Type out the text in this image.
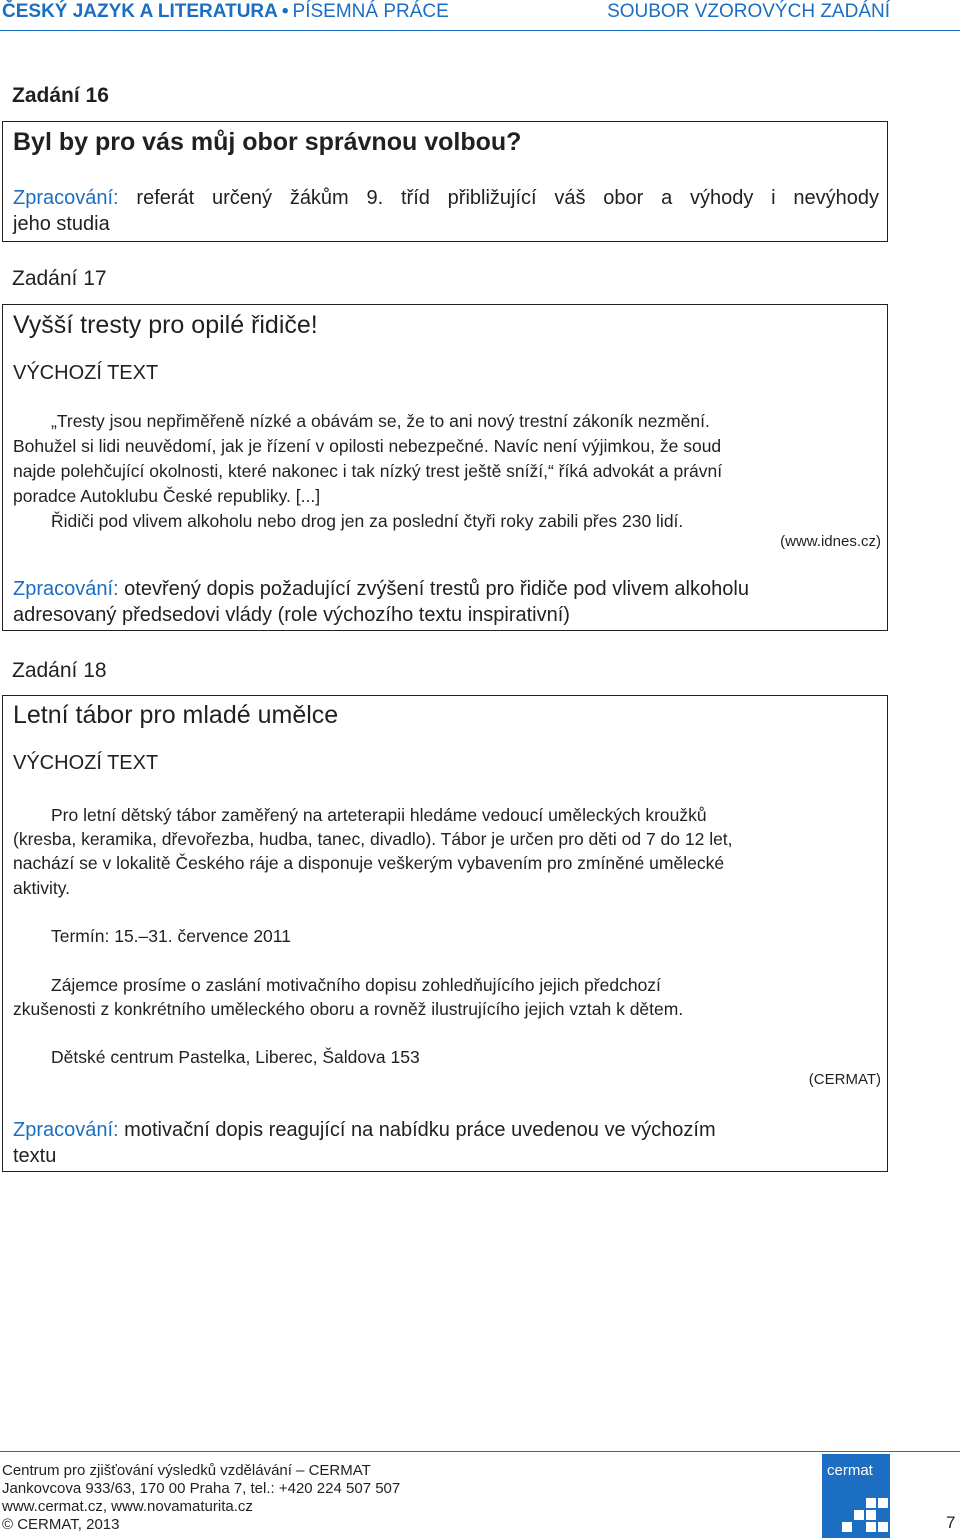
ČESKÝ JAZYK A LITERATURA • PÍSEMNÁ PRÁCE	SOUBOR VZOROVÝCH ZADÁNÍ
Zadání 16
Byl by pro vás můj obor správnou volbou?
Zpracování: referát určený žákům 9. tříd přibližující váš obor a výhody i nevýhody
jeho studia
Zadání 17
Vyšší tresty pro opilé řidiče!
VÝCHOZÍ TEXT
„Tresty jsou nepřiměřeně nízké a obávám se, že to ani nový trestní zákoník nezmění.
Bohužel si lidi neuvědomí, jak je řízení v opilosti nebezpečné. Navíc není výjimkou, že soud
najde polehčující okolnosti, které nakonec i tak nízký trest ještě sníží,“ říká advokát a právní
poradce Autoklubu České republiky. [...]
Řidiči pod vlivem alkoholu nebo drog jen za poslední čtyři roky zabili přes 230 lidí.
(www.idnes.cz)
Zpracování: otevřený dopis požadující zvýšení trestů pro řidiče pod vlivem alkoholu
adresovaný předsedovi vlády (role výchozího textu inspirativní)
Zadání 18
Letní tábor pro mladé umělce
VÝCHOZÍ TEXT
Pro letní dětský tábor zaměřený na arteterapii hledáme vedoucí uměleckých kroužků
(kresba, keramika, dřevořezba, hudba, tanec, divadlo). Tábor je určen pro děti od 7 do 12 let,
nachází se v lokalitě Českého ráje a disponuje veškerým vybavením pro zmíněné umělecké
aktivity.
Termín: 15.–31. července 2011
Zájemce prosíme o zaslání motivačního dopisu zohledňujícího jejich předchozí
zkušenosti z konkrétního uměleckého oboru a rovněž ilustrujícího jejich vztah k dětem.
Dětské centrum Pastelka, Liberec, Šaldova 153
(CERMAT)
Zpracování: motivační dopis reagující na nabídku práce uvedenou ve výchozím
textu
Centrum pro zjišťování výsledků vzdělávání – CERMAT
Jankovcova 933/63, 170 00 Praha 7, tel.: +420 224 507 507
www.cermat.cz, www.novamaturita.cz
© CERMAT, 2013
cermat
7
